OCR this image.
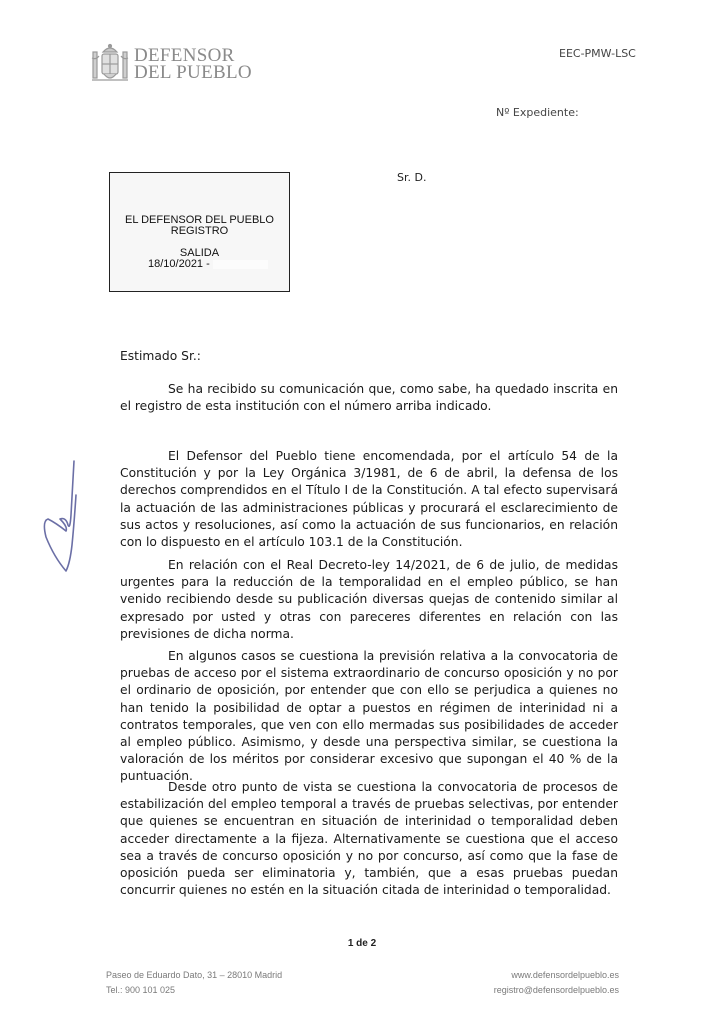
DEFENSOR
DEL PUEBLO
EEC-PMW-LSC
Nº Expediente:
EL DEFENSOR DEL PUEBLO
REGISTRO
SALIDA
18/10/2021 -
Sr. D.
Estimado Sr.:
Se ha recibido su comunicación que, como sabe, ha quedado inscrita en el registro de esta institución con el número arriba indicado.
El Defensor del Pueblo tiene encomendada, por el artículo 54 de la Constitución y por la Ley Orgánica 3/1981, de 6 de abril, la defensa de los derechos comprendidos en el Título I de la Constitución. A tal efecto supervisará la actuación de las administraciones públicas y procurará el esclarecimiento de sus actos y resoluciones, así como la actuación de sus funcionarios, en relación con lo dispuesto en el artículo 103.1 de la Constitución.
En relación con el Real Decreto-ley 14/2021, de 6 de julio, de medidas urgentes para la reducción de la temporalidad en el empleo público, se han venido recibiendo desde su publicación diversas quejas de contenido similar al expresado por usted y otras con pareceres diferentes en relación con las previsiones de dicha norma.
En algunos casos se cuestiona la previsión relativa a la convocatoria de pruebas de acceso por el sistema extraordinario de concurso oposición y no por el ordinario de oposición, por entender que con ello se perjudica a quienes no han tenido la posibilidad de optar a puestos en régimen de interinidad ni a contratos temporales, que ven con ello mermadas sus posibilidades de acceder al empleo público. Asimismo, y desde una perspectiva similar, se cuestiona la valoración de los méritos por considerar excesivo que supongan el 40 % de la puntuación.
Desde otro punto de vista se cuestiona la convocatoria de procesos de estabilización del empleo temporal a través de pruebas selectivas, por entender que quienes se encuentran en situación de interinidad o temporalidad deben acceder directamente a la fijeza. Alternativamente se cuestiona que el acceso sea a través de concurso oposición y no por concurso, así como que la fase de oposición pueda ser eliminatoria y, también, que a esas pruebas puedan concurrir quienes no estén en la situación citada de interinidad o temporalidad.
1 de 2
Paseo de Eduardo Dato, 31 – 28010 Madrid
Tel.: 900 101 025
www.defensordelpueblo.es
registro@defensordelpueblo.es
